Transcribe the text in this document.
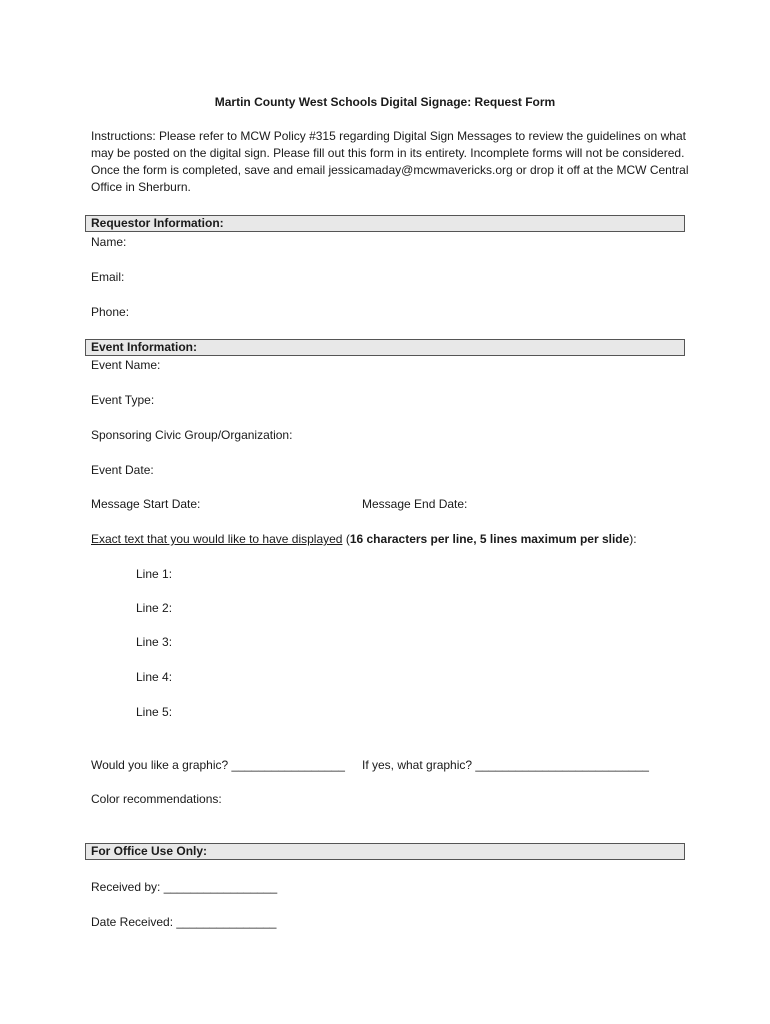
Martin County West Schools Digital Signage: Request Form
Instructions: Please refer to MCW Policy #315 regarding Digital Sign Messages to review the guidelines on what may be posted on the digital sign. Please fill out this form in its entirety. Incomplete forms will not be considered. Once the form is completed, save and email jessicamaday@mcwmavericks.org or drop it off at the MCW Central Office in Sherburn.
Requestor Information:
Name:
Email:
Phone:
Event Information:
Event Name:
Event Type:
Sponsoring Civic Group/Organization:
Event Date:
Message Start Date:	Message End Date:
Exact text that you would like to have displayed (16 characters per line, 5 lines maximum per slide):
Line 1:
Line 2:
Line 3:
Line 4:
Line 5:
Would you like a graphic? _________________ If yes, what graphic? __________________________
Color recommendations:
For Office Use Only:
Received by: _________________
Date Received: _______________
